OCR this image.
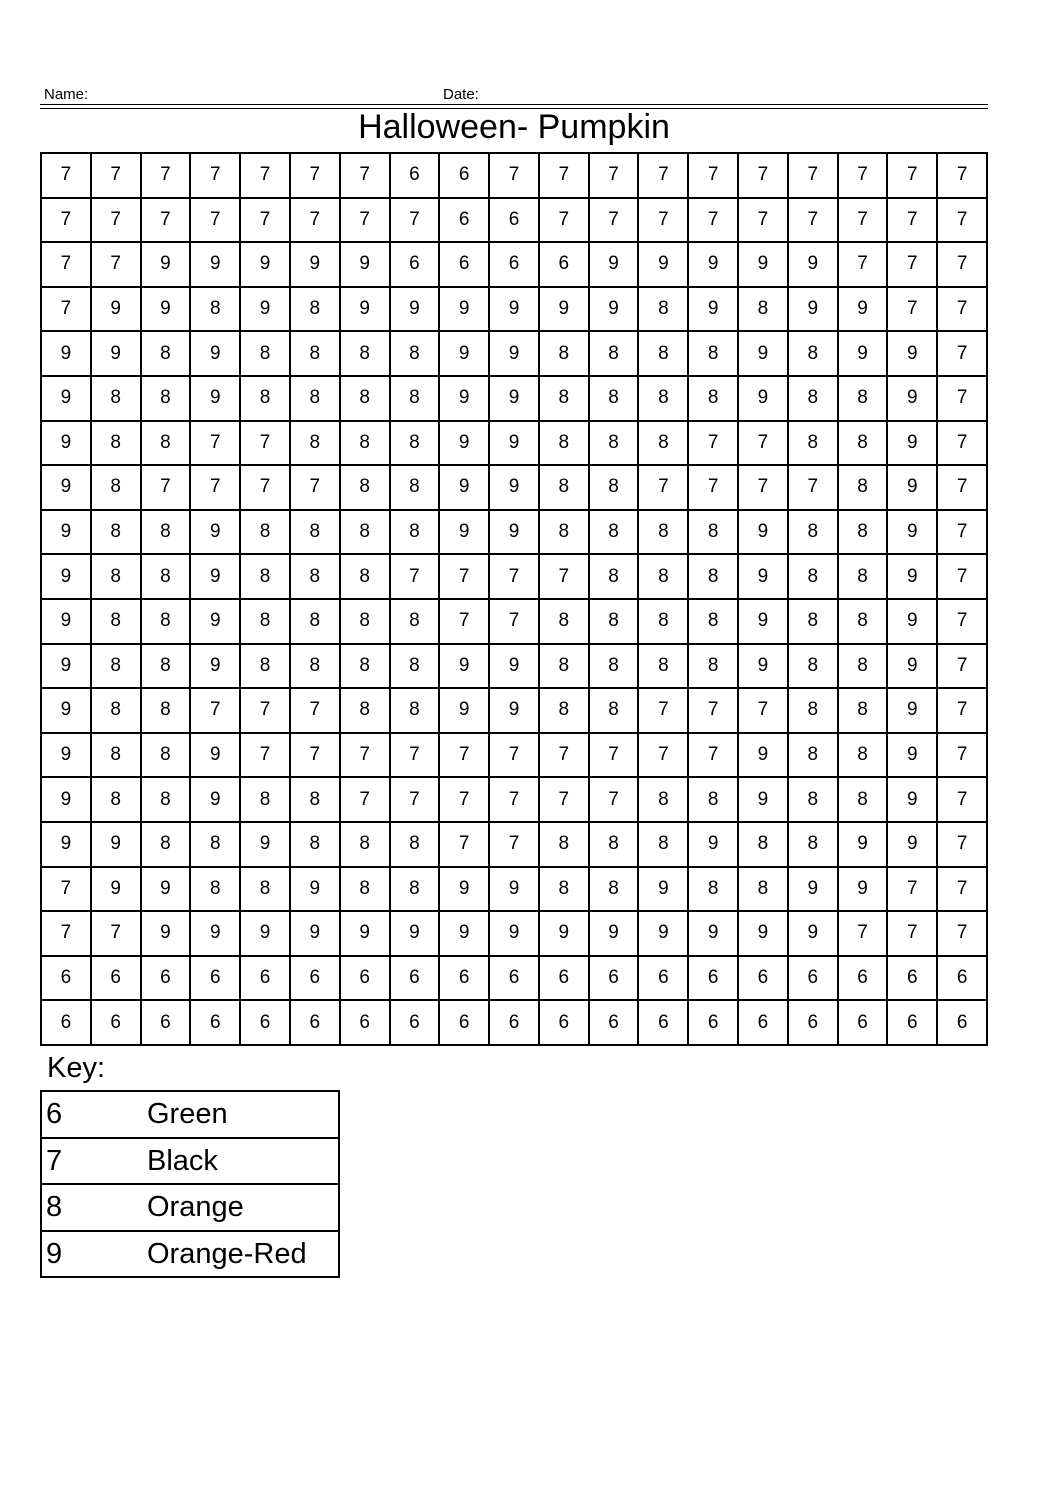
Name:	Date:
Halloween- Pumpkin
7	7	7	7	7	7	7	6	6	7	7	7	7	7	7	7	7	7	7
7	7	7	7	7	7	7	7	6	6	7	7	7	7	7	7	7	7	7
7	7	9	9	9	9	9	6	6	6	6	9	9	9	9	9	7	7	7
7	9	9	8	9	8	9	9	9	9	9	9	8	9	8	9	9	7	7
9	9	8	9	8	8	8	8	9	9	8	8	8	8	9	8	9	9	7
9	8	8	9	8	8	8	8	9	9	8	8	8	8	9	8	8	9	7
9	8	8	7	7	8	8	8	9	9	8	8	8	7	7	8	8	9	7
9	8	7	7	7	7	8	8	9	9	8	8	7	7	7	7	8	9	7
9	8	8	9	8	8	8	8	9	9	8	8	8	8	9	8	8	9	7
9	8	8	9	8	8	8	7	7	7	7	8	8	8	9	8	8	9	7
9	8	8	9	8	8	8	8	7	7	8	8	8	8	9	8	8	9	7
9	8	8	9	8	8	8	8	9	9	8	8	8	8	9	8	8	9	7
9	8	8	7	7	7	8	8	9	9	8	8	7	7	7	8	8	9	7
9	8	8	9	7	7	7	7	7	7	7	7	7	7	9	8	8	9	7
9	8	8	9	8	8	7	7	7	7	7	7	8	8	9	8	8	9	7
9	9	8	8	9	8	8	8	7	7	8	8	8	9	8	8	9	9	7
7	9	9	8	8	9	8	8	9	9	8	8	9	8	8	9	9	7	7
7	7	9	9	9	9	9	9	9	9	9	9	9	9	9	9	7	7	7
6	6	6	6	6	6	6	6	6	6	6	6	6	6	6	6	6	6	6
6	6	6	6	6	6	6	6	6	6	6	6	6	6	6	6	6	6	6
Key:
6	Green
7	Black
8	Orange
9	Orange-Red
